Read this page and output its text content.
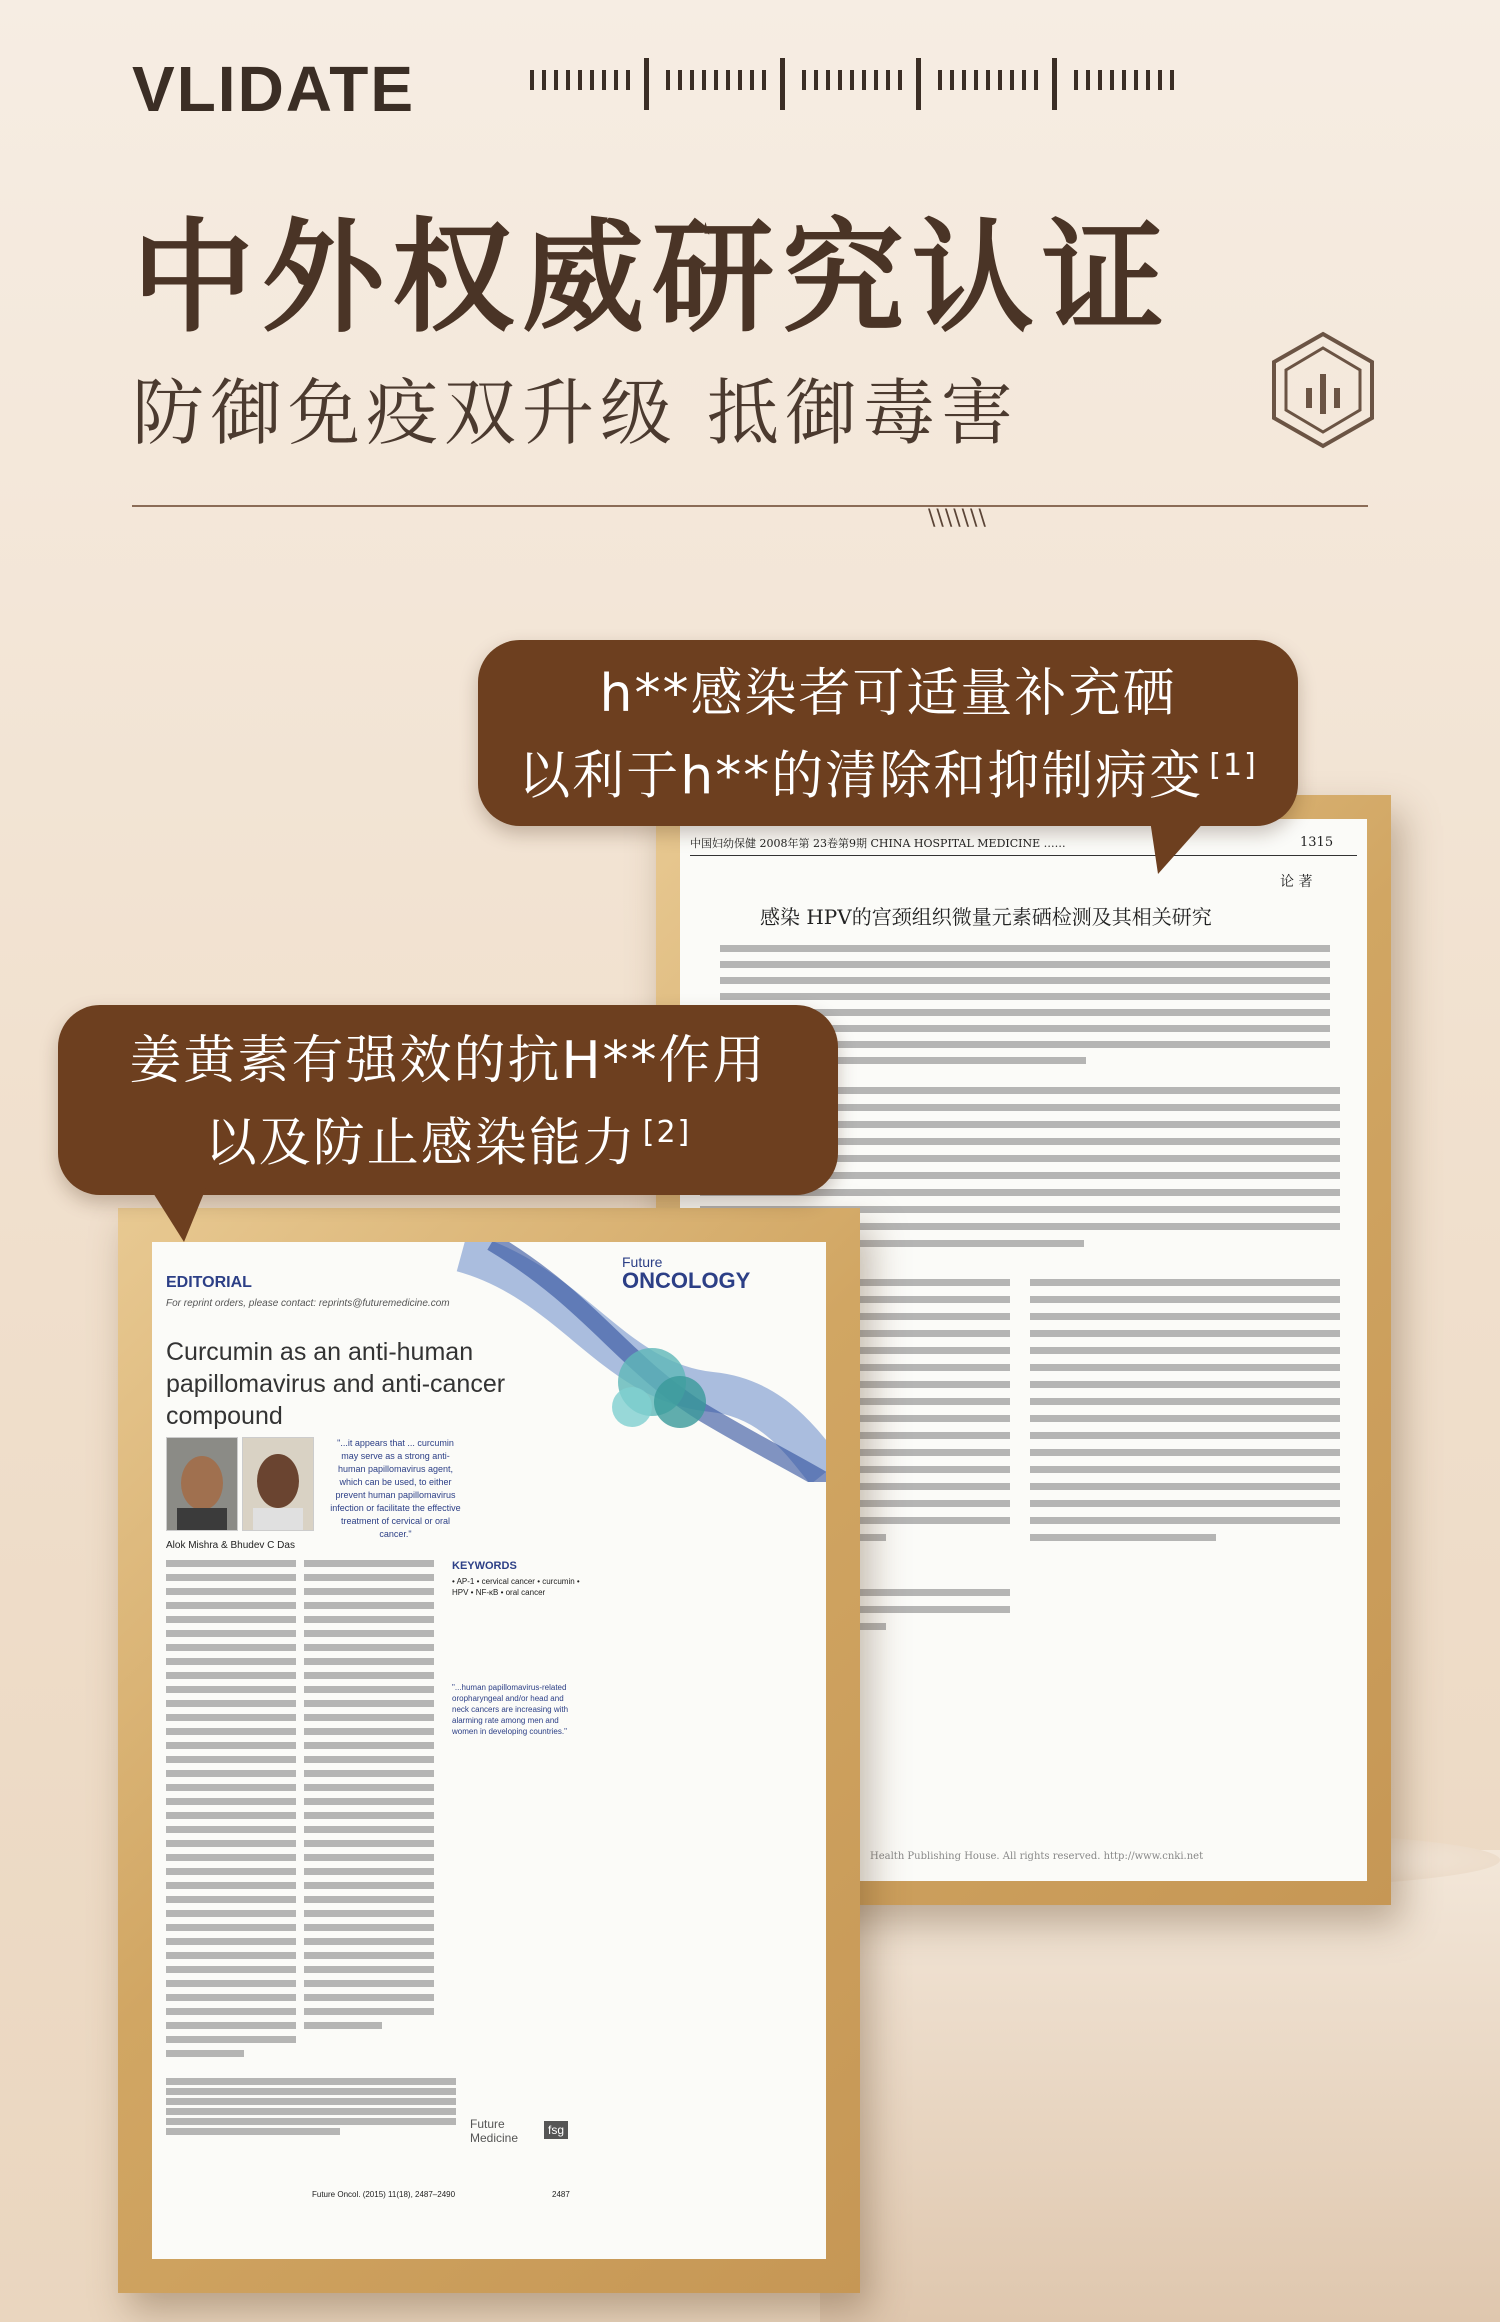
VLIDATE
中外权威研究认证
防御免疫双升级 抵御毒害
\\\\\\\
中国妇幼保健 2008年第 23卷第9期 CHINA HOSPITAL MEDICINE ……	1315
论 著
感染 HPV的宫颈组织微量元素硒检测及其相关研究
Health Publishing House. All rights reserved. http://www.cnki.net
Future
ONCOLOGY
EDITORIAL
For reprint orders, please contact: reprints@futuremedicine.com
Curcumin as an anti-human
papillomavirus and anti-cancer
compound
"...it appears that ... curcumin may serve as a strong anti-human papillomavirus agent, which can be used, to either prevent human papillomavirus infection or facilitate the effective treatment of cervical or oral cancer."
Alok Mishra & Bhudev C Das
KEYWORDS
• AP-1 • cervical cancer • curcumin • HPV • NF-κB • oral cancer
"...human papillomavirus-related oropharyngeal and/or head and neck cancers are increasing with alarming rate among men and women in developing countries."
Future
Medicine
fsg
Future Oncol. (2015) 11(18), 2487–2490	2487
h**感染者可适量补充硒
以利于h**的清除和抑制病变 [1]
姜黄素有强效的抗H**作用
以及防止感染能力 [2]
